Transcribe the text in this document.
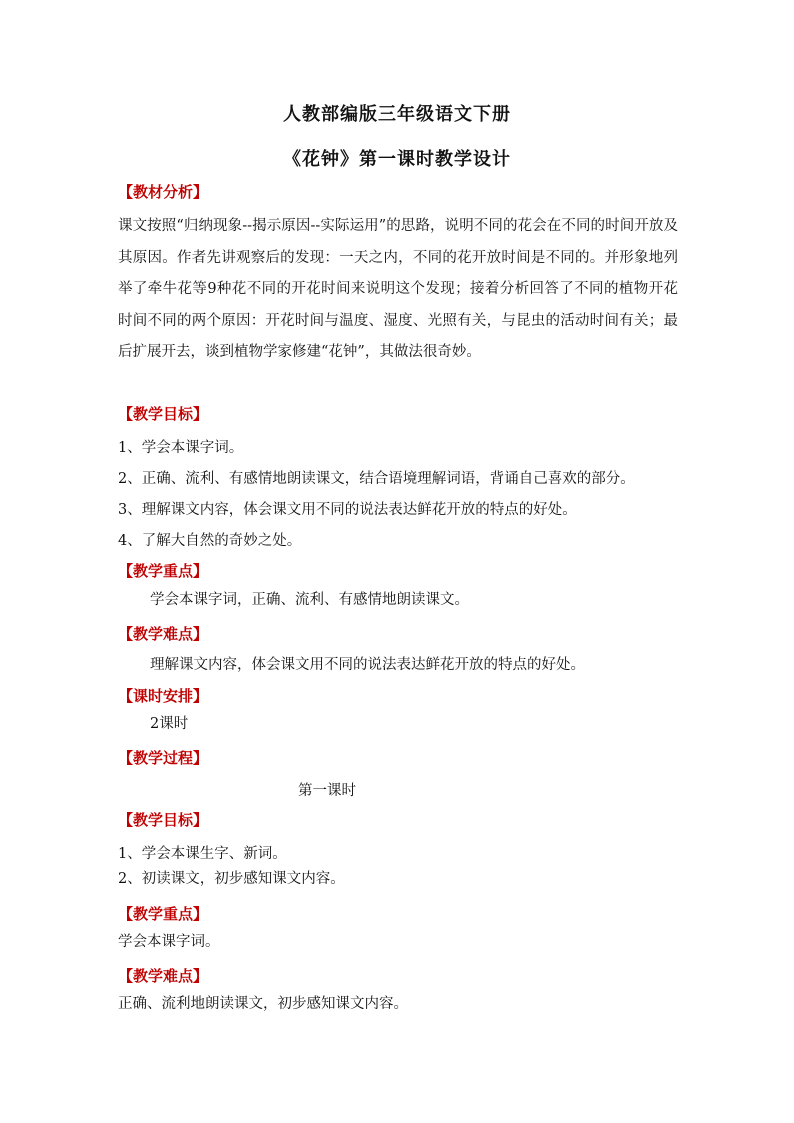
人教部编版三年级语文下册
《花钟》第一课时教学设计
【教材分析】

课文按照“归纳现象--揭示原因--实际运用”的思路，说明不同的花会在不同的时间开放及其原因。作者先讲观察后的发现：一天之内，不同的花开放时间是不同的。并形象地列举了牵牛花等9种花不同的开花时间来说明这个发现；接着分析回答了不同的植物开花时间不同的两个原因：开花时间与温度、湿度、光照有关，与昆虫的活动时间有关；最后扩展开去，谈到植物学家修建“花钟”，其做法很奇妙。

【教学目标】
1、学会本课字词。
2、正确、流利、有感情地朗读课文，结合语境理解词语，背诵自己喜欢的部分。
3、理解课文内容，体会课文用不同的说法表达鲜花开放的特点的好处。
4、了解大自然的奇妙之处。
【教学重点】
学会本课字词，正确、流利、有感情地朗读课文。
【教学难点】
理解课文内容，体会课文用不同的说法表达鲜花开放的特点的好处。
【课时安排】
2课时
【教学过程】
第一课时
【教学目标】
1、学会本课生字、新词。
2、初读课文，初步感知课文内容。
【教学重点】
学会本课字词。
【教学难点】
正确、流利地朗读课文，初步感知课文内容。
